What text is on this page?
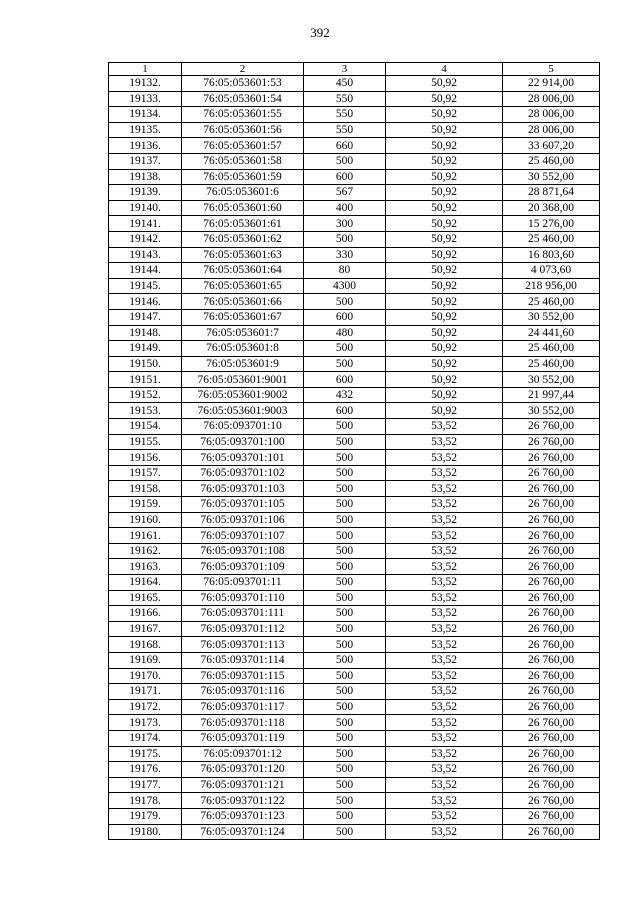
392
1	2	3	4	5
19132.	76:05:053601:53	450	50,92	22 914,00
19133.	76:05:053601:54	550	50,92	28 006,00
19134.	76:05:053601:55	550	50,92	28 006,00
19135.	76:05:053601:56	550	50,92	28 006,00
19136.	76:05:053601:57	660	50,92	33 607,20
19137.	76:05:053601:58	500	50,92	25 460,00
19138.	76:05:053601:59	600	50,92	30 552,00
19139.	76:05:053601:6	567	50,92	28 871,64
19140.	76:05:053601:60	400	50,92	20 368,00
19141.	76:05:053601:61	300	50,92	15 276,00
19142.	76:05:053601:62	500	50,92	25 460,00
19143.	76:05:053601:63	330	50,92	16 803,60
19144.	76:05:053601:64	80	50,92	4 073,60
19145.	76:05:053601:65	4300	50,92	218 956,00
19146.	76:05:053601:66	500	50,92	25 460,00
19147.	76:05:053601:67	600	50,92	30 552,00
19148.	76:05:053601:7	480	50,92	24 441,60
19149.	76:05:053601:8	500	50,92	25 460,00
19150.	76:05:053601:9	500	50,92	25 460,00
19151.	76:05:053601:9001	600	50,92	30 552,00
19152.	76:05:053601:9002	432	50,92	21 997,44
19153.	76:05:053601:9003	600	50,92	30 552,00
19154.	76:05:093701:10	500	53,52	26 760,00
19155.	76:05:093701:100	500	53,52	26 760,00
19156.	76:05:093701:101	500	53,52	26 760,00
19157.	76:05:093701:102	500	53,52	26 760,00
19158.	76:05:093701:103	500	53,52	26 760,00
19159.	76:05:093701:105	500	53,52	26 760,00
19160.	76:05:093701:106	500	53,52	26 760,00
19161.	76:05:093701:107	500	53,52	26 760,00
19162.	76:05:093701:108	500	53,52	26 760,00
19163.	76:05:093701:109	500	53,52	26 760,00
19164.	76:05:093701:11	500	53,52	26 760,00
19165.	76:05:093701:110	500	53,52	26 760,00
19166.	76:05:093701:111	500	53,52	26 760,00
19167.	76:05:093701:112	500	53,52	26 760,00
19168.	76:05:093701:113	500	53,52	26 760,00
19169.	76:05:093701:114	500	53,52	26 760,00
19170.	76:05:093701:115	500	53,52	26 760,00
19171.	76:05:093701:116	500	53,52	26 760,00
19172.	76:05:093701:117	500	53,52	26 760,00
19173.	76:05:093701:118	500	53,52	26 760,00
19174.	76:05:093701:119	500	53,52	26 760,00
19175.	76:05:093701:12	500	53,52	26 760,00
19176.	76:05:093701:120	500	53,52	26 760,00
19177.	76:05:093701:121	500	53,52	26 760,00
19178.	76:05:093701:122	500	53,52	26 760,00
19179.	76:05:093701:123	500	53,52	26 760,00
19180.	76:05:093701:124	500	53,52	26 760,00
